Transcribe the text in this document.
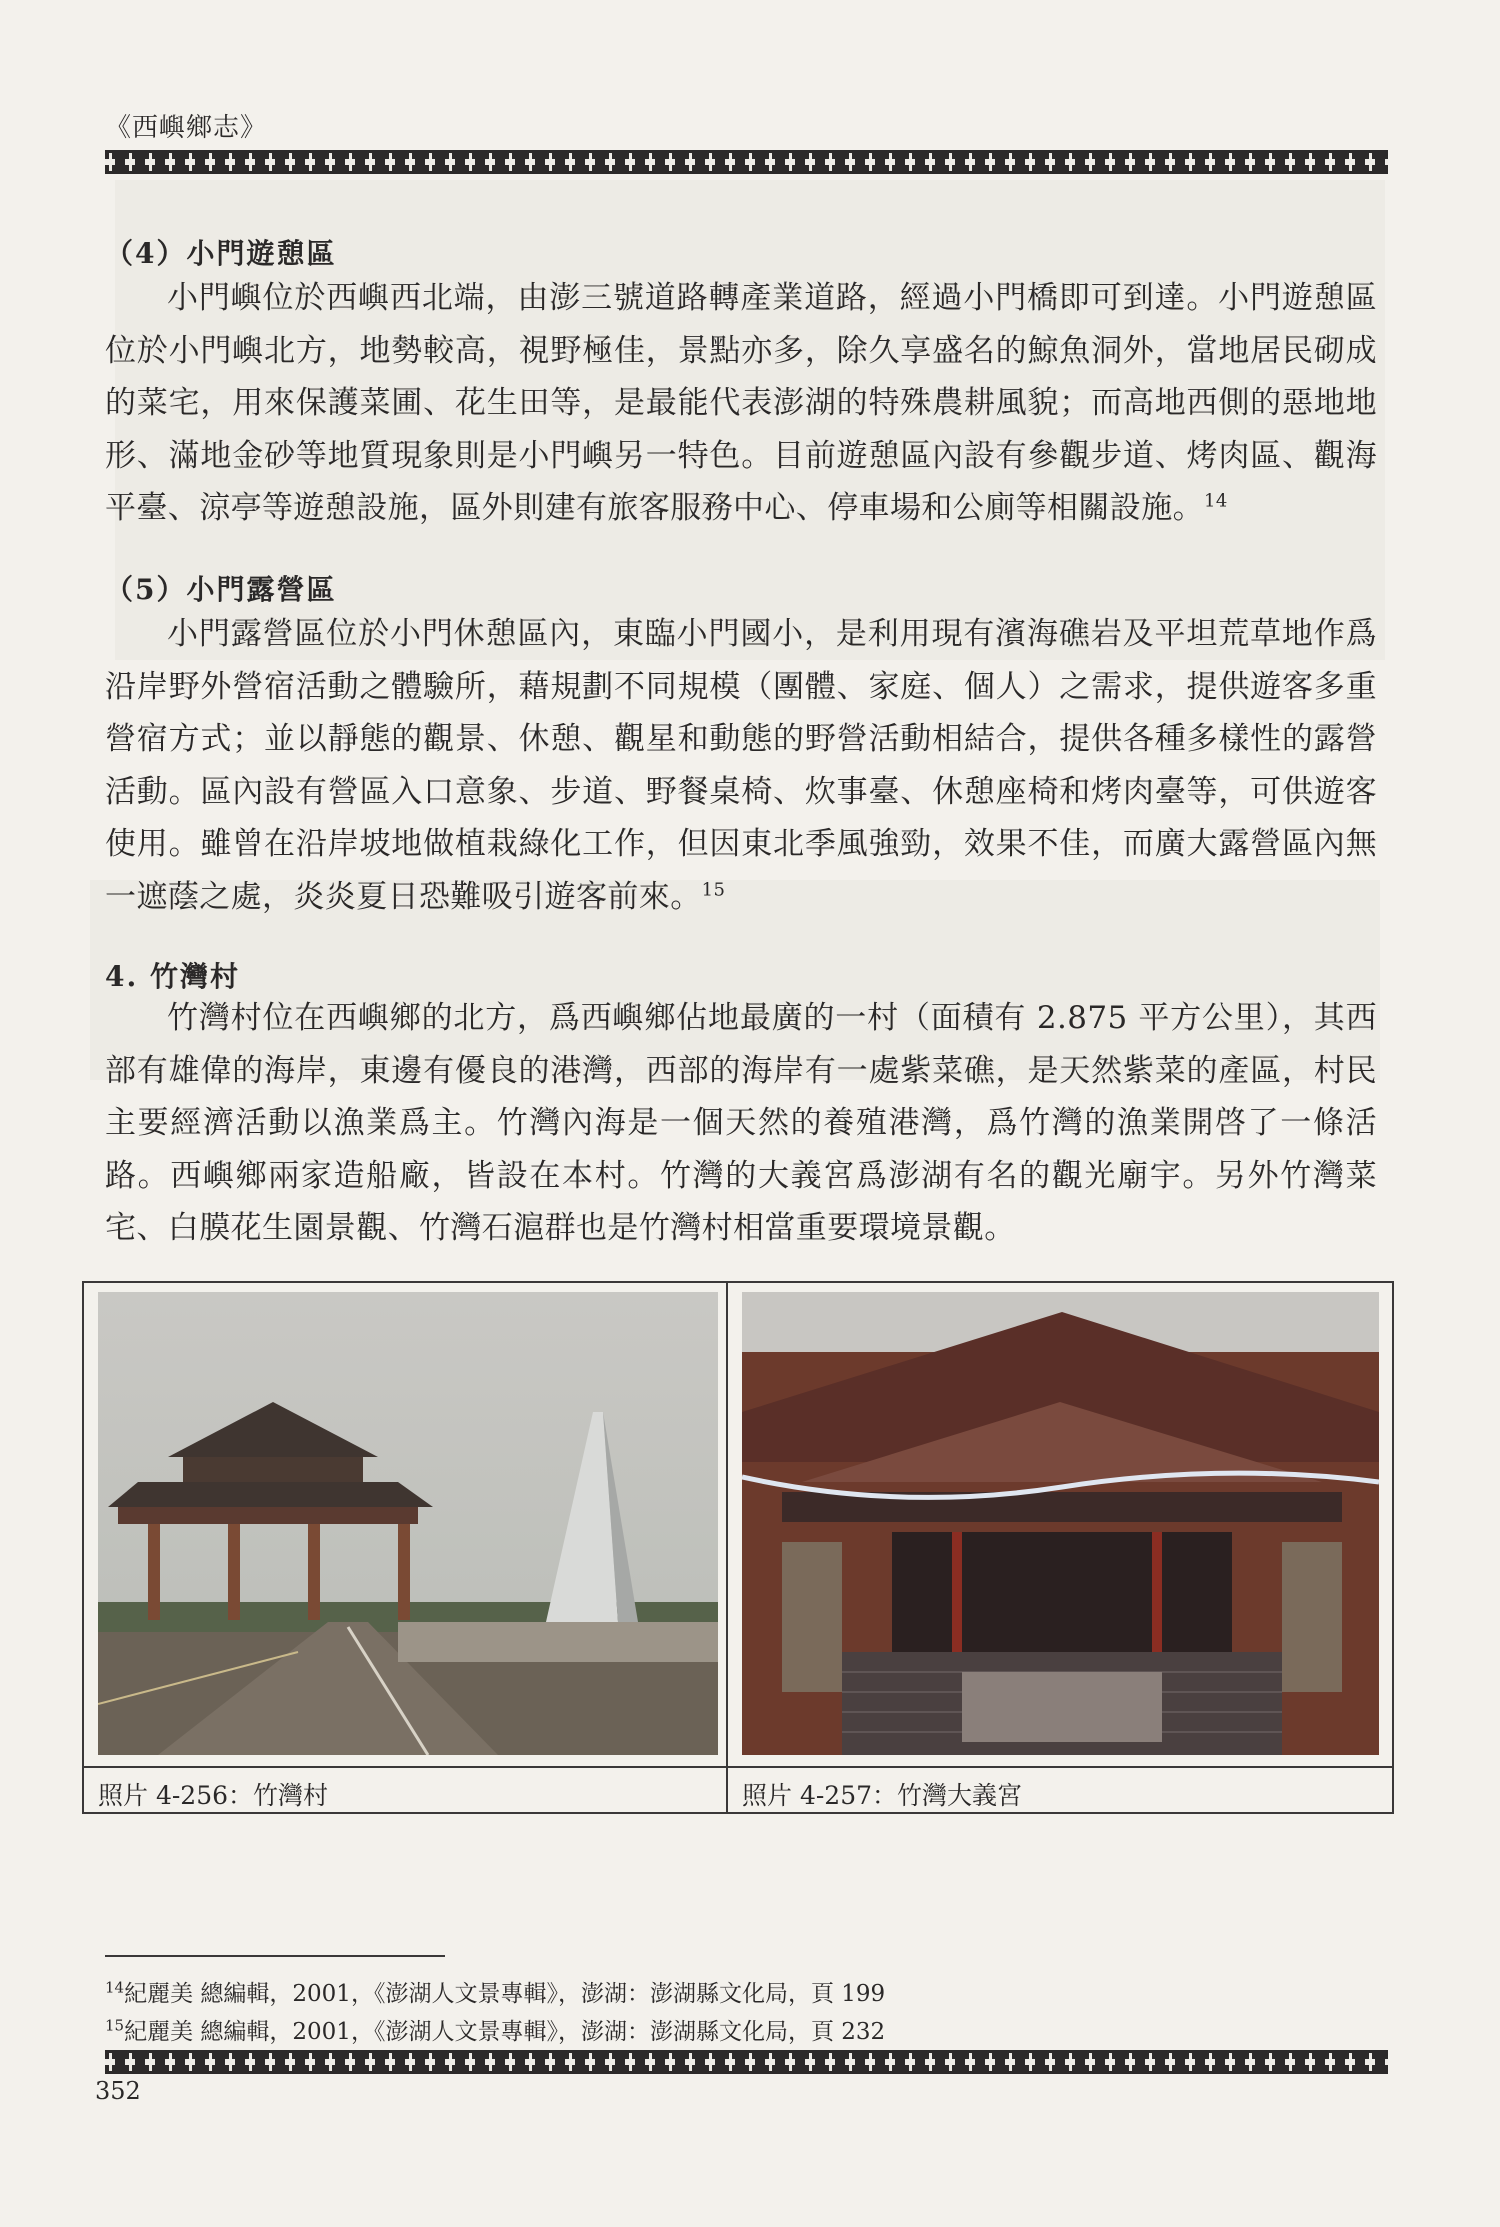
《西嶼鄉志》
（4）小門遊憩區

小門嶼位於西嶼西北端，由澎三號道路轉產業道路，經過小門橋即可到達。小門遊憩區位於小門嶼北方，地勢較高，視野極佳，景點亦多，除久享盛名的鯨魚洞外，當地居民砌成的菜宅，用來保護菜圃、花生田等，是最能代表澎湖的特殊農耕風貌；而高地西側的惡地地形、滿地金砂等地質現象則是小門嶼另一特色。目前遊憩區內設有參觀步道、烤肉區、觀海平臺、涼亭等遊憩設施，區外則建有旅客服務中心、停車場和公廁等相關設施。$^{14}$

（5）小門露營區

小門露營區位於小門休憩區內，東臨小門國小，是利用現有濱海礁岩及平坦荒草地作爲沿岸野外營宿活動之體驗所，藉規劃不同規模（團體、家庭、個人）之需求，提供遊客多重營宿方式；並以靜態的觀景、休憩、觀星和動態的野營活動相結合，提供各種多樣性的露營活動。區內設有營區入口意象、步道、野餐桌椅、炊事臺、休憩座椅和烤肉臺等，可供遊客使用。雖曾在沿岸坡地做植栽綠化工作，但因東北季風強勁，效果不佳，而廣大露營區內無一遮蔭之處，炎炎夏日恐難吸引遊客前來。$^{15}$

4. 竹灣村

竹灣村位在西嶼鄉的北方，爲西嶼鄉佔地最廣的一村（面積有 2.875 平方公里），其西部有雄偉的海岸，東邊有優良的港灣，西部的海岸有一處紫菜礁，是天然紫菜的產區，村民主要經濟活動以漁業爲主。竹灣內海是一個天然的養殖港灣，爲竹灣的漁業開啓了一條活路。西嶼鄉兩家造船廠，皆設在本村。竹灣的大義宮爲澎湖有名的觀光廟宇。另外竹灣菜宅、白膜花生園景觀、竹灣石滬群也是竹灣村相當重要環境景觀。

照片 4-256：竹灣村	照片 4-257：竹灣大義宮
$^{14}$紀麗美 總編輯，2001，《澎湖人文景專輯》，澎湖：澎湖縣文化局，頁 199
$^{15}$紀麗美 總編輯，2001，《澎湖人文景專輯》，澎湖：澎湖縣文化局，頁 232
352
